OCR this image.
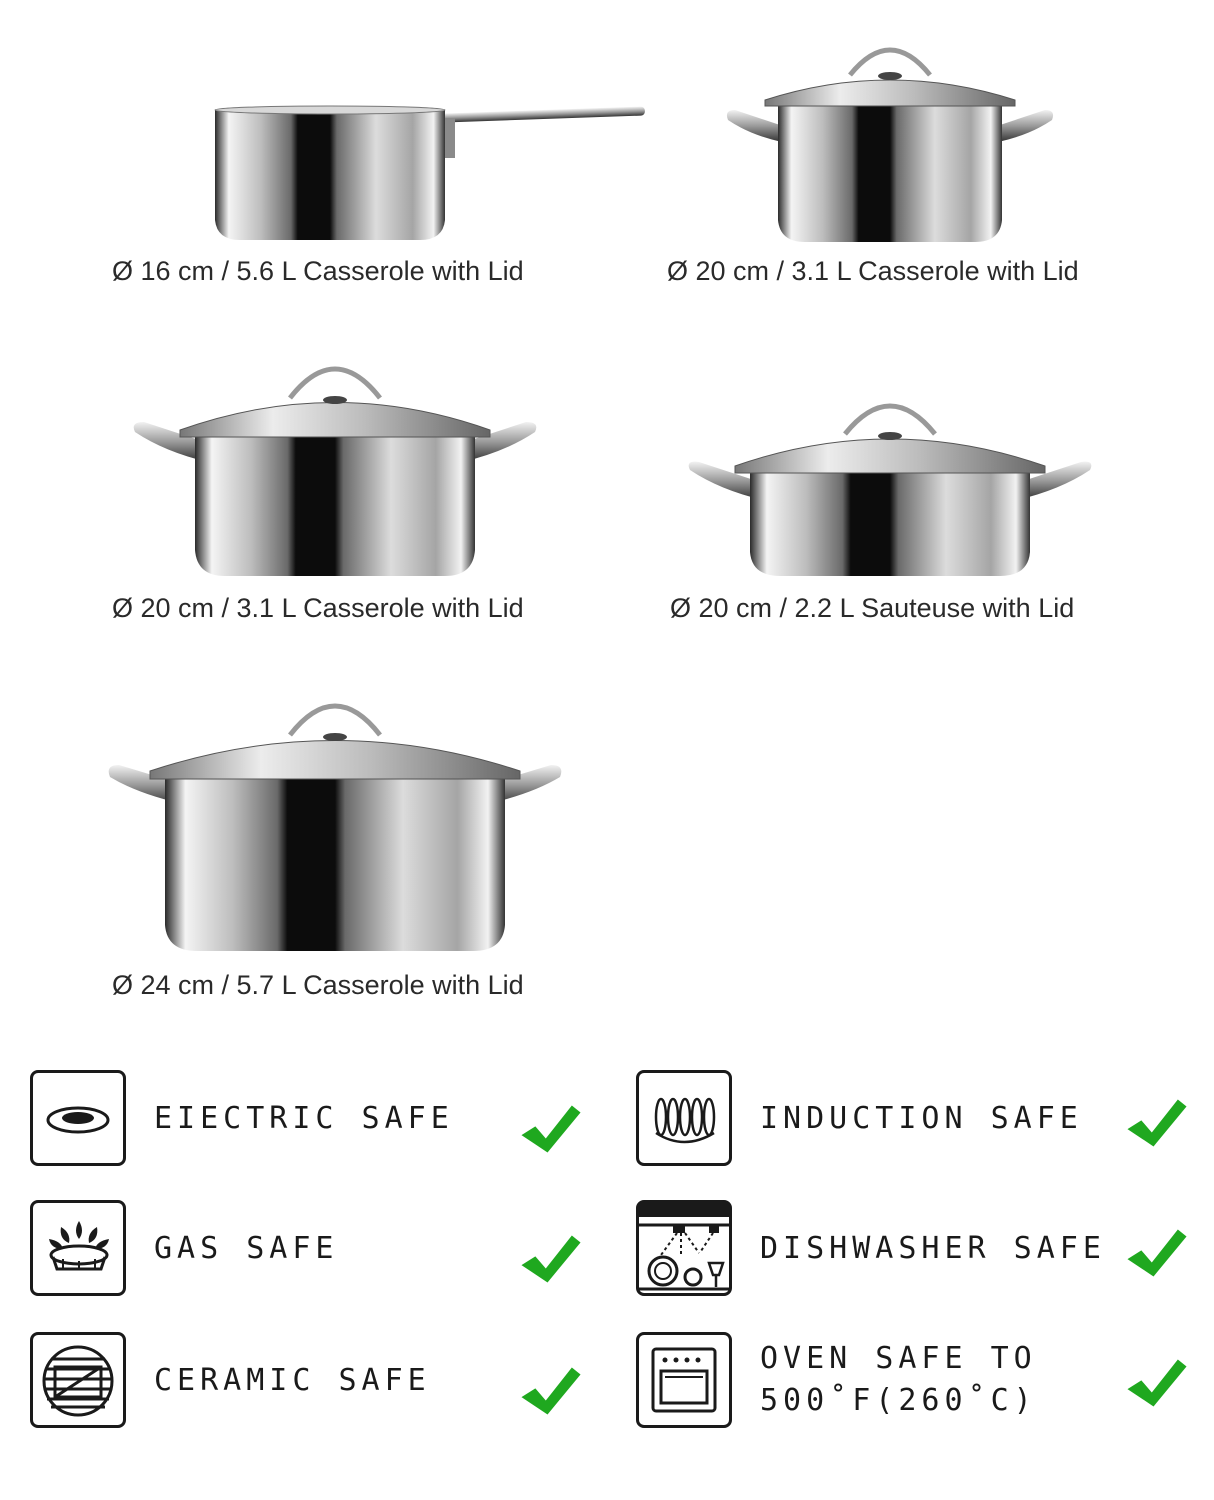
Ø 16 cm / 5.6 L Casserole with Lid	Ø 20 cm / 3.1 L Casserole with Lid
Ø 20 cm / 3.1 L Casserole with Lid	Ø 20 cm / 2.2 L Sauteuse with Lid
Ø 24 cm / 5.7 L Casserole with Lid
EIECTRIC SAFE	INDUCTION SAFE
GAS SAFE	DISHWASHER SAFE
CERAMIC SAFE
OVEN SAFE TO
500˚F(260˚C)
